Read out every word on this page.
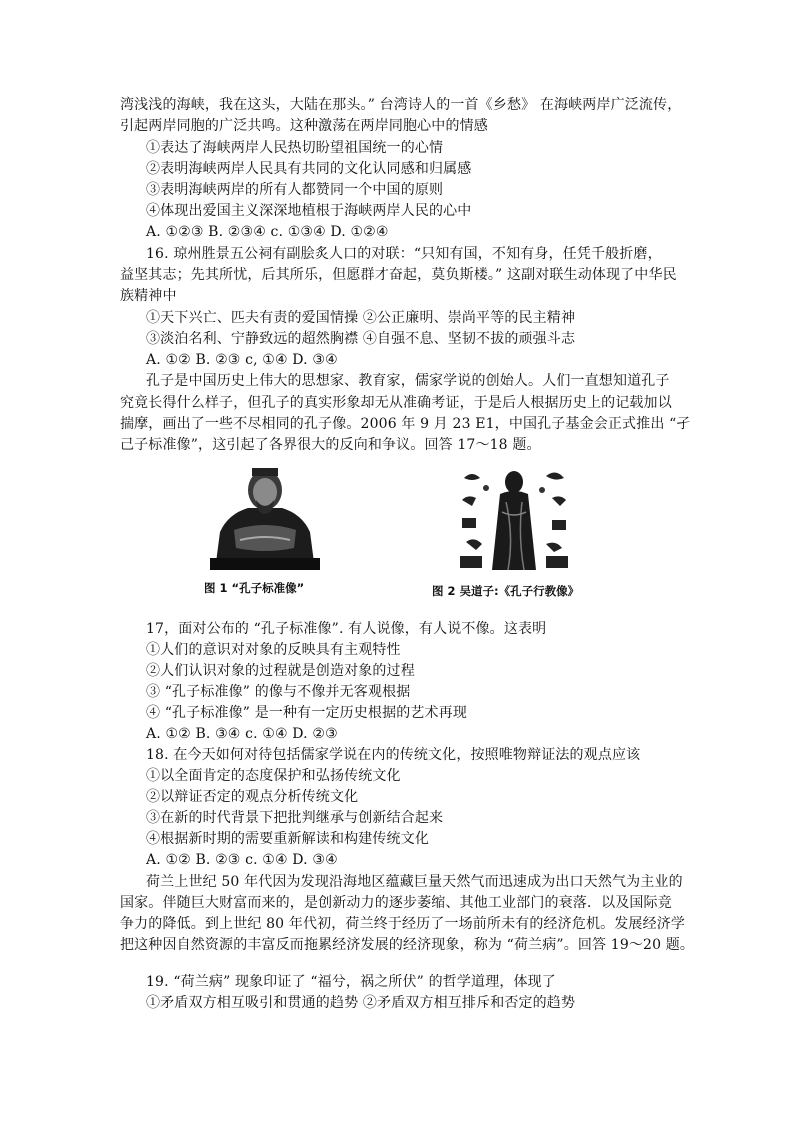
湾浅浅的海峡，我在这头，大陆在那头。” 台湾诗人的一首《乡愁》 在海峡两岸广泛流传，
引起两岸同胞的广泛共鸣。这种激荡在两岸同胞心中的情感
①表达了海峡两岸人民热切盼望祖国统一的心情
②表明海峡两岸人民具有共同的文化认同感和归属感
③表明海峡两岸的所有人都赞同一个中国的原则
④体现出爱国主义深深地植根于海峡两岸人民的心中
A. ①②③ B. ②③④ c. ①③④ D. ①②④
16. 琼州胜景五公祠有副脍炙人口的对联：“只知有国，不知有身，任凭千般折磨，
益坚其志；先其所忧，后其所乐，但愿群才奋起，莫负斯楼。” 这副对联生动体现了中华民
族精神中
①天下兴亡、匹夫有责的爱国情操 ②公正廉明、崇尚平等的民主精神
③淡泊名利、宁静致远的超然胸襟 ④自强不息、坚韧不拔的顽强斗志
A. ①② B. ②③ c, ①④ D. ③④
孔子是中国历史上伟大的思想家、教育家，儒家学说的创始人。人们一直想知道孔子
究竟长得什么样子，但孔子的真实形象却无从准确考证，于是后人根据历史上的记载加以
揣摩，画出了一些不尽相同的孔子像。2006 年 9 月 23 E1，中国孔子基金会正式推出 “孑
己子标准像”，这引起了各界很大的反向和争议。回答 17～18 题。
图 1 “孔子标准像”	图 2 吴道子:《孔子行教像》
17，面对公布的 “孔子标准像”. 有人说像，有人说不像。这表明
①人们的意识对对象的反映具有主观特性
②人们认识对象的过程就是创造对象的过程
③ “孔子标准像” 的像与不像并无客观根据
④ “孔子标准像” 是一种有一定历史根据的艺术再现
A. ①② B. ③④ c. ①④ D. ②③
18. 在今天如何对待包括儒家学说在内的传统文化，按照唯物辩证法的观点应该
①以全面肯定的态度保护和弘扬传统文化
②以辩证否定的观点分析传统文化
③在新的时代背景下把批判继承与创新结合起来
④根据新时期的需要重新解读和构建传统文化
A. ①② B. ②③ c. ①④ D. ③④
荷兰上世纪 50 年代因为发现沿海地区蕴藏巨量天然气而迅速成为出口天然气为主业的
国家。伴随巨大财富而来的，是创新动力的逐步萎缩、其他工业部门的衰落．以及国际竞
争力的降低。到上世纪 80 年代初，荷兰终于经历了一场前所未有的经济危机。发展经济学
把这种因自然资源的丰富反而拖累经济发展的经济现象，称为 “荷兰病”。回答 19～20 题。
19. “荷兰病” 现象印证了 “福兮，祸之所伏” 的哲学道理，体现了
①矛盾双方相互吸引和贯通的趋势 ②矛盾双方相互排斥和否定的趋势
